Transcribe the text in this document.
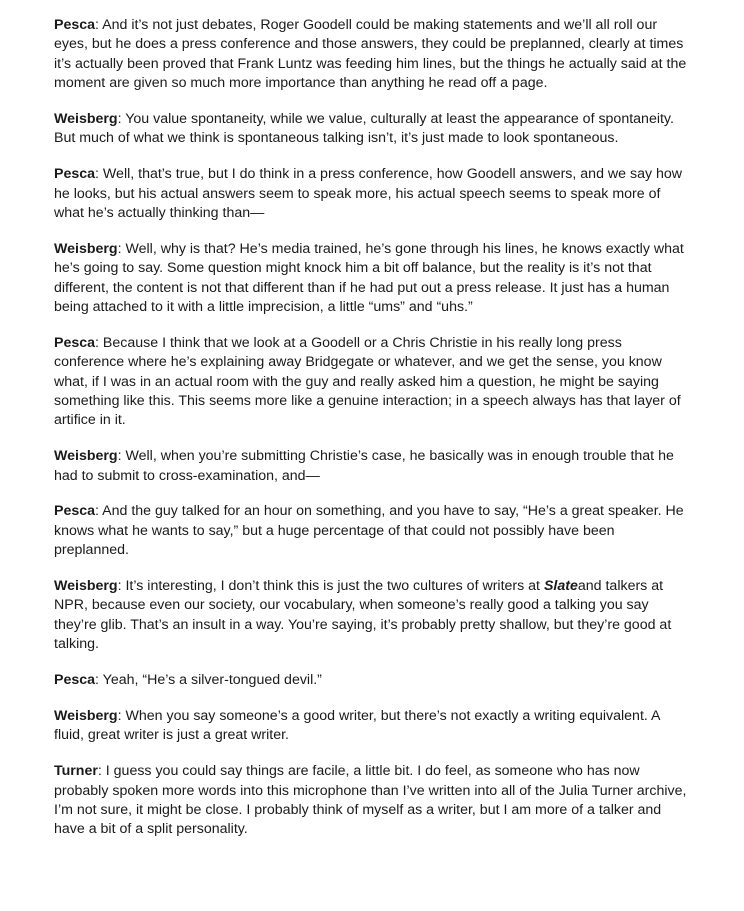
Pesca: And it’s not just debates, Roger Goodell could be making statements and we’ll all roll our eyes, but he does a press conference and those answers, they could be preplanned, clearly at times it’s actually been proved that Frank Luntz was feeding him lines, but the things he actually said at the moment are given so much more importance than anything he read off a page.

Weisberg: You value spontaneity, while we value, culturally at least the appearance of spontaneity. But much of what we think is spontaneous talking isn’t, it’s just made to look spontaneous.

Pesca: Well, that’s true, but I do think in a press conference, how Goodell answers, and we say how he looks, but his actual answers seem to speak more, his actual speech seems to speak more of what he’s actually thinking than—

Weisberg: Well, why is that? He’s media trained, he’s gone through his lines, he knows exactly what he’s going to say. Some question might knock him a bit off balance, but the reality is it’s not that different, the content is not that different than if he had put out a press release. It just has a human being attached to it with a little imprecision, a little “ums” and “uhs.”

Pesca: Because I think that we look at a Goodell or a Chris Christie in his really long press conference where he’s explaining away Bridgegate or whatever, and we get the sense, you know what, if I was in an actual room with the guy and really asked him a question, he might be saying something like this. This seems more like a genuine interaction; in a speech always has that layer of artifice in it.

Weisberg: Well, when you’re submitting Christie’s case, he basically was in enough trouble that he had to submit to cross-examination, and—

Pesca: And the guy talked for an hour on something, and you have to say, “He’s a great speaker. He knows what he wants to say,” but a huge percentage of that could not possibly have been preplanned.

Weisberg: It’s interesting, I don’t think this is just the two cultures of writers at Slateand talkers at NPR, because even our society, our vocabulary, when someone’s really good a talking you say they’re glib. That’s an insult in a way. You’re saying, it’s probably pretty shallow, but they’re good at talking.

Pesca: Yeah, “He’s a silver-tongued devil.”

Weisberg: When you say someone’s a good writer, but there’s not exactly a writing equivalent. A fluid, great writer is just a great writer.

Turner: I guess you could say things are facile, a little bit. I do feel, as someone who has now probably spoken more words into this microphone than I’ve written into all of the Julia Turner archive, I’m not sure, it might be close. I probably think of myself as a writer, but I am more of a talker and have a bit of a split personality.
